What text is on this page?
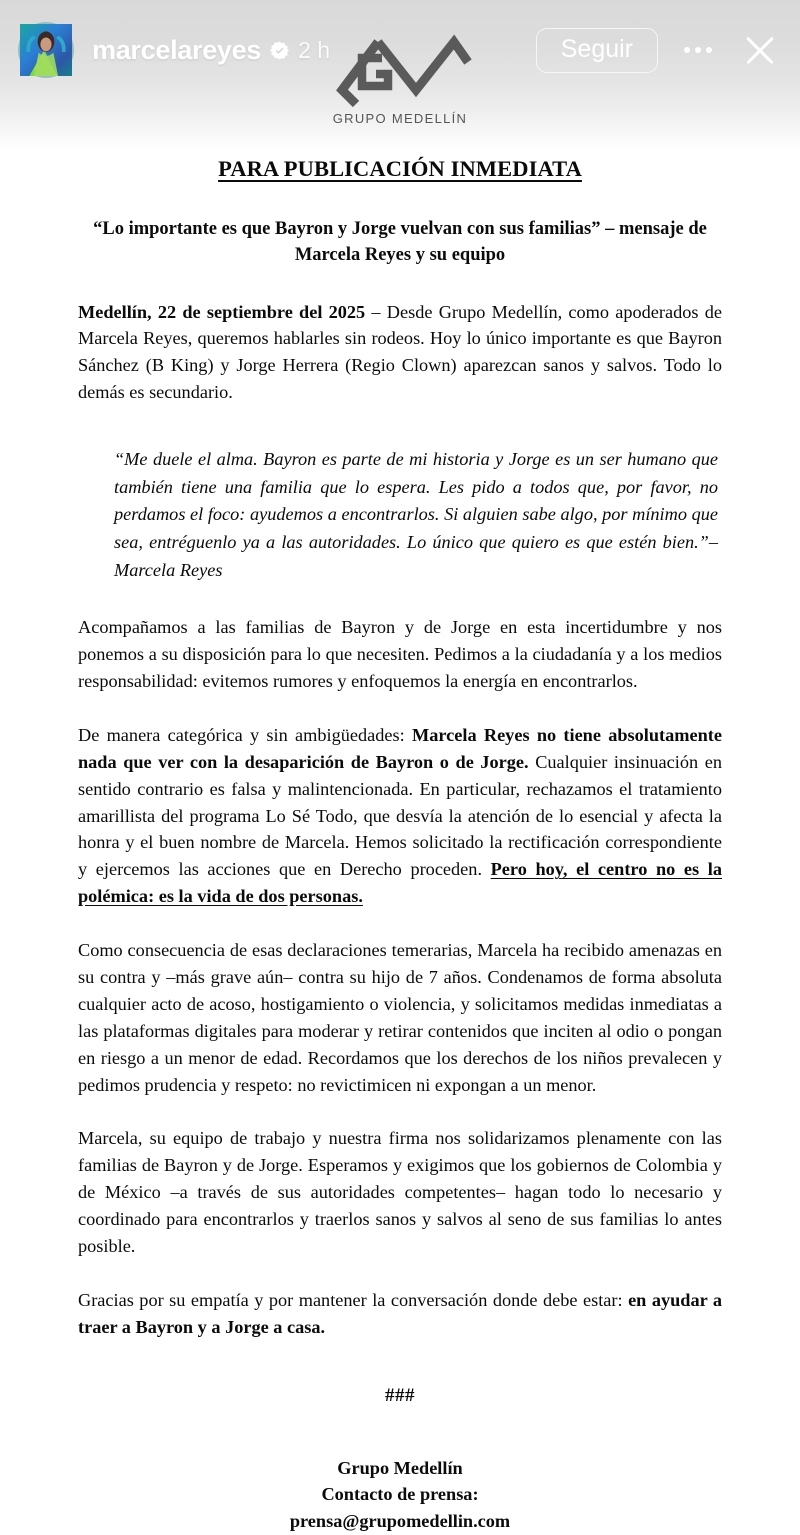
GRUPO MEDELLÍN
marcelareyes 2 h	Seguir
PARA PUBLICACIÓN INMEDIATA
“Lo importante es que Bayron y Jorge vuelvan con sus familias” – mensaje de Marcela Reyes y su equipo

Medellín, 22 de septiembre del 2025 – Desde Grupo Medellín, como apoderados de Marcela Reyes, queremos hablarles sin rodeos. Hoy lo único importante es que Bayron Sánchez (B King) y Jorge Herrera (Regio Clown) aparezcan sanos y salvos. Todo lo demás es secundario.

“Me duele el alma. Bayron es parte de mi historia y Jorge es un ser humano que también tiene una familia que lo espera. Les pido a todos que, por favor, no perdamos el foco: ayudemos a encontrarlos. Si alguien sabe algo, por mínimo que sea, entréguenlo ya a las autoridades. Lo único que quiero es que estén bien.”– Marcela Reyes

Acompañamos a las familias de Bayron y de Jorge en esta incertidumbre y nos ponemos a su disposición para lo que necesiten. Pedimos a la ciudadanía y a los medios responsabilidad: evitemos rumores y enfoquemos la energía en encontrarlos.

De manera categórica y sin ambigüedades: Marcela Reyes no tiene absolutamente nada que ver con la desaparición de Bayron o de Jorge. Cualquier insinuación en sentido contrario es falsa y malintencionada. En particular, rechazamos el tratamiento amarillista del programa Lo Sé Todo, que desvía la atención de lo esencial y afecta la honra y el buen nombre de Marcela. Hemos solicitado la rectificación correspondiente y ejercemos las acciones que en Derecho proceden. Pero hoy, el centro no es la polémica: es la vida de dos personas.

Como consecuencia de esas declaraciones temerarias, Marcela ha recibido amenazas en su contra y –más grave aún– contra su hijo de 7 años. Condenamos de forma absoluta cualquier acto de acoso, hostigamiento o violencia, y solicitamos medidas inmediatas a las plataformas digitales para moderar y retirar contenidos que inciten al odio o pongan en riesgo a un menor de edad. Recordamos que los derechos de los niños prevalecen y pedimos prudencia y respeto: no revictimicen ni expongan a un menor.

Marcela, su equipo de trabajo y nuestra firma nos solidarizamos plenamente con las familias de Bayron y de Jorge. Esperamos y exigimos que los gobiernos de Colombia y de México –a través de sus autoridades competentes– hagan todo lo necesario y coordinado para encontrarlos y traerlos sanos y salvos al seno de sus familias lo antes posible.

Gracias por su empatía y por mantener la conversación donde debe estar: en ayudar a traer a Bayron y a Jorge a casa.

###
Grupo Medellín
Contacto de prensa:
prensa@grupomedellin.com
